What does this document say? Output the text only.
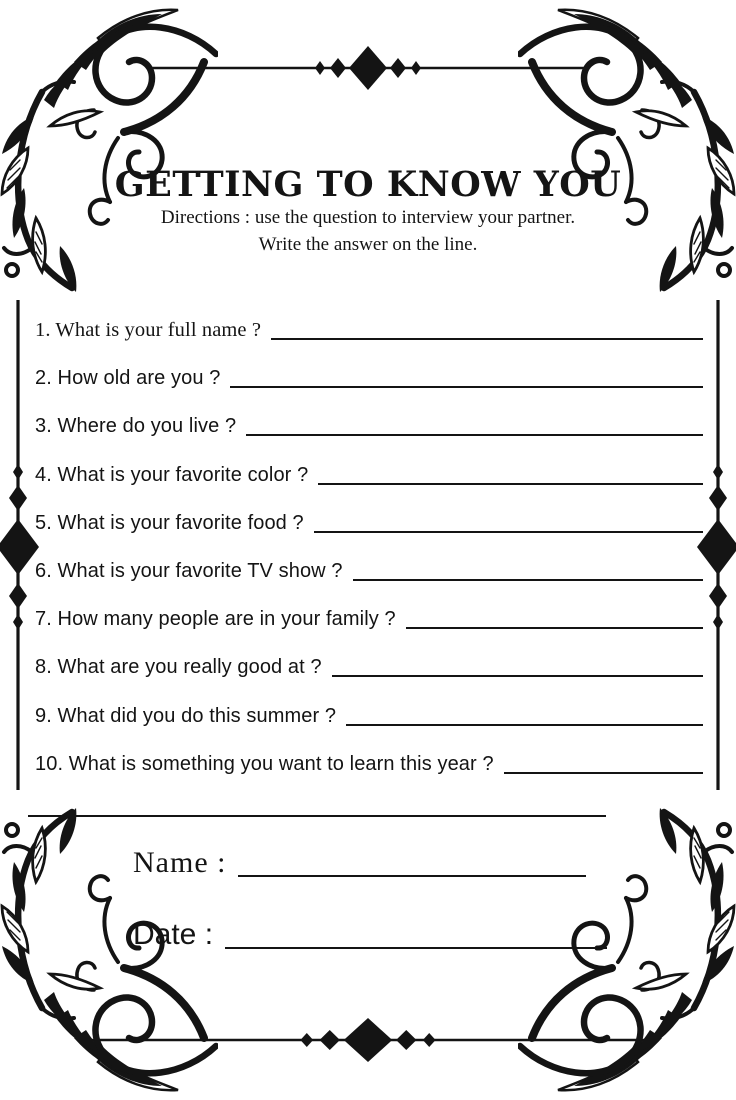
GETTING TO KNOW YOU
Directions : use the question to interview your partner.
Write the answer on the line.
1. What is your full name ?
2. How old are you ?
3. Where do you live ?
4. What is your favorite color ?
5. What is your favorite food ?
6. What is your favorite TV show ?
7. How many people are in your family ?
8. What are you really good at ?
9. What did you do this summer ?
10. What is something you want to learn this year ?
Name :
Date :
